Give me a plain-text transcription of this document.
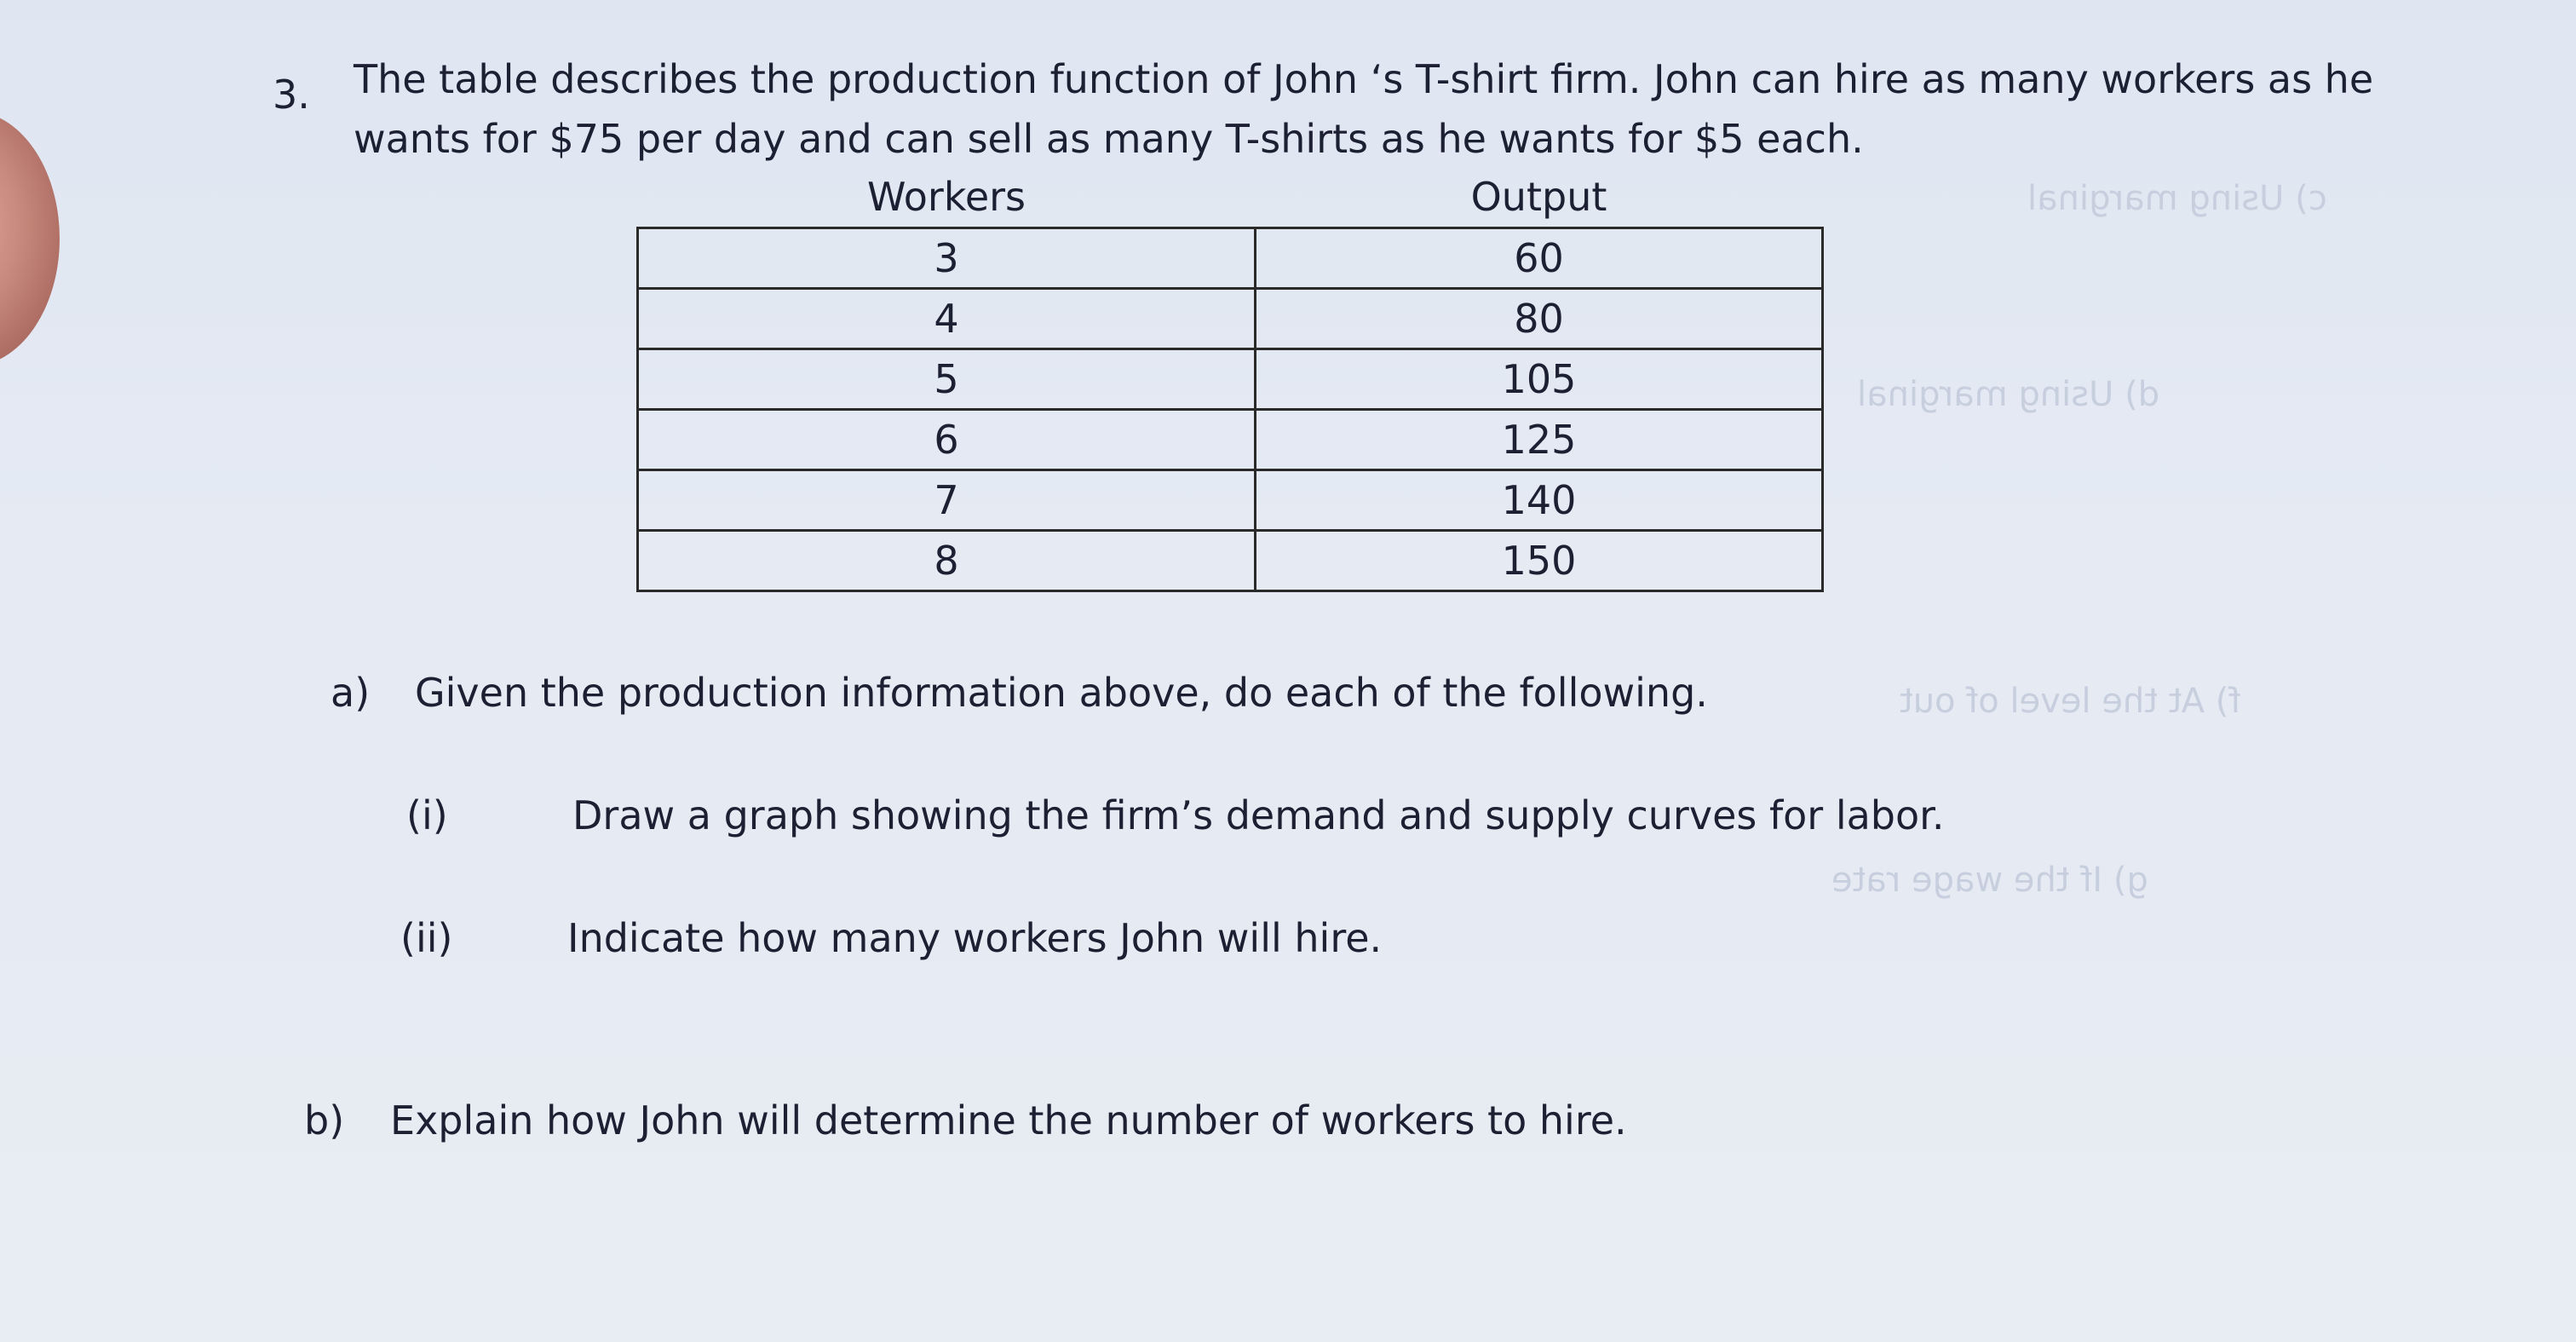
c) Using marginal
d) Using marginal
f) At the level of out
g) If the wage rate
3. The table describes the production function of John ‘s T-shirt firm. John can hire as many workers as he wants for $75 per day and can sell as many T-shirts as he wants for $5 each.
Workers	Output
3	60
4	80
5	105
6	125
7	140
8	150
a) Given the production information above, do each of the following.
(i)	Draw a graph showing the firm’s demand and supply curves for labor.
(ii)	Indicate how many workers John will hire.
b) Explain how John will determine the number of workers to hire.
